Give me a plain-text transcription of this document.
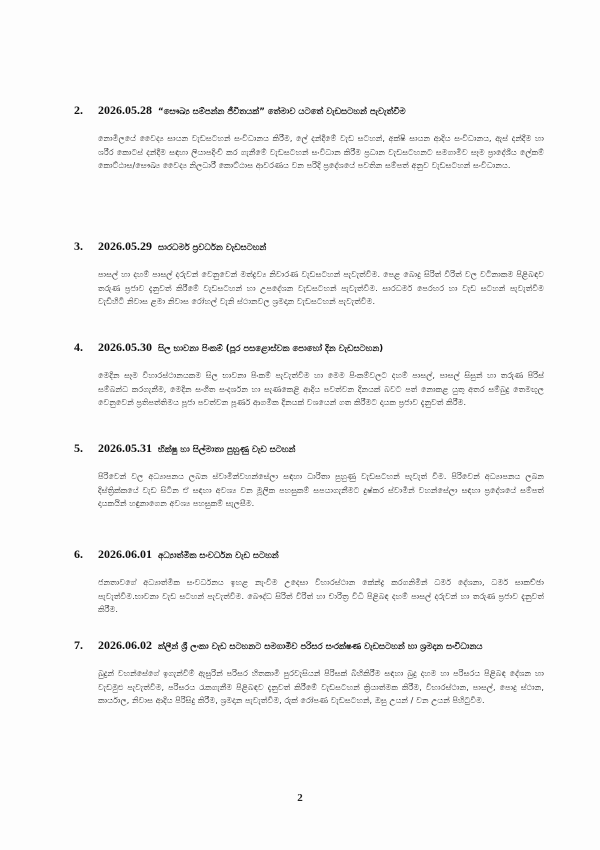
2.	2026.05.28 “සෞඛ්‍ය සම්පන්න ජීවිතයක්” තේමාව යටතේ වැඩසටහන් පැවැත්වීම
නොමිලයේ වෛද්‍ය සායන වැඩසටහන් සංවිධානය කිරීම, ලේ දන්දීමේ වැඩ සටහන්, අක්ෂි සායන ආදිය සංවිධානය, ඇස් දන්දීම හා ශරීර කොටස් දන්දීම සඳහා ලියාපදිංචි කර ගැනීමේ වැඩසටහන් සංවිධාන කිරීම ප්‍රධාන වැඩසටහනට සමගාමීව සෑම ප්‍රාදේශීය ලේකම් කොට්ඨාස/සෞඛ්‍ය වෛද්‍ය නිලධාරී කොට්ඨාස ආවරණය වන පරිදි ප්‍රදේශයේ පවතින සම්පත් අනුව වැඩසටහන් සංවිධානය.
3.	2026.05.29 සාරධර්ම ප්‍රවර්ධන වැඩසටහන්
පාසල් හා දහම් පාසල් දරුවන් වෙනුවෙන් මත්ද්‍රව්‍ය නිවාරණ වැඩසටහන් පැවැත්වීම. පෙළ බොදු සිරිත් විරිත් වල වටිනාකම පිළිබඳව තරුණ ප්‍රජාව දැනුවත් කිරීමේ වැඩසටහන් හා උපදේශන වැඩසටහන් පැවැත්වීම. සාරධර්ම පෙරහර හා වැඩ සටහන් පැවැත්වීම වැඩිහිටි නිවාස ළමා නිවාස රෝහල් වැනි ස්ථානවල ශ්‍රමදාන වැඩසටහන් පැවැත්වීම.
4.	2026.05.30 සිල භාවනා පිංකම් (පූර පසළොස්වක පොහෝ දින වැඩසටහන)
මෙදින සෑම විහාරස්ථානයකම සිල භාවනා පිංකම් පැවැත්වීම හා මෙම පිංකම්වලට දහම් පාසල්, පාසල් සිසුන් හා තරුණ පිරිස් සම්බන්ධ කරගැනීම, මෙදින සංගීත සංදර්ශන හා සැණකෙළි ආදිය පවත්වන දිනයක් බවට පත් නොකළ යුතු අතර සම්බුදු තෙමඟුල වෙනුවෙන් ප්‍රතිපත්තිමය පූජා පවත්වන පූර්ණ ආගමික දිනයක් වශයෙන් ගත කිරීමට දායක ප්‍රජාව දැනුවත් කිරීම.
5.	2026.05.31 භික්ෂු හා සිල්මාතා පුහුණු වැඩ සටහන්
පිරිවෙන් වල අධ්‍යාපනය ලබන ස්වාමීන්වහන්සේලා සඳහා ධාරිතා පුහුණු වැඩසටහන් පැවැත් වීම. පිරිවෙන් අධ්‍යාපනය ලබන දිස්ත්‍රික්කයේ වැඩ සිටින ඒ සඳහා අවශ්‍ය වන මූලික පහසුකම් සපයාගැනීමට දුෂ්කර ස්වාමීන් වහන්සේලා සඳහා ප්‍රදේශයේ සම්පත් දායකයින් හඳුනාගෙන අවශ්‍ය පහසුකම් සැලසීම.
6.	2026.06.01 අධ්‍යාත්මික සංවර්ධන වැඩ සටහන්
ජනතාවගේ අධ්‍යාත්මික සංවර්ධනය ඉහළ නැංවීම උදෙසා විහාරස්ථාන කේන්ද්‍ර කරගනිමින් ධර්ම දේශනා, ධර්ම සාකච්ඡා පැවැත්වීම.භාවනා වැඩ සටහන් පැවැත්වීම. බෞද්ධ සිරිත් විරිත් හා චාරිත්‍ර විධි පිළිබඳ දහම් පාසල් දරුවන් හා තරුණ ප්‍රජාව දැනුවත් කිරීම.
7.	2026.06.02 ක්ලීන් ශ්‍රී ලංකා වැඩ සටහනට සමගාමීව පරිසර සංරක්ෂණ වැඩසටහන් හා ශ්‍රමදාන සංවිධානය
බුදුන් වහන්සේගේ ඉගැන්වීම් ඇසුරින් පරිසර හිතකාමී පුරවැසියන් පිරිසක් බිහිකිරීම සඳහා බුදු දහම හා පරිසරය පිළිබඳ දේශන හා වැඩමුළු පැවැත්වීම, පරිසරය රැකගැනීම පිළිබඳව දැනුවත් කිරීමේ වැඩසටහන් ක්‍රියාත්මක කිරීම, විහාරස්ථාන, පාසල්, පොදු ස්ථාන, කාර්යාල, නිවාස ආදිය පිරිසිදු කිරීම, ශ්‍රමදාන පැවැත්වීම, රුක් රෝපණ වැඩසටහන්, ඔසු උයන් / වන උයන් පිහිටුවීම.
2
